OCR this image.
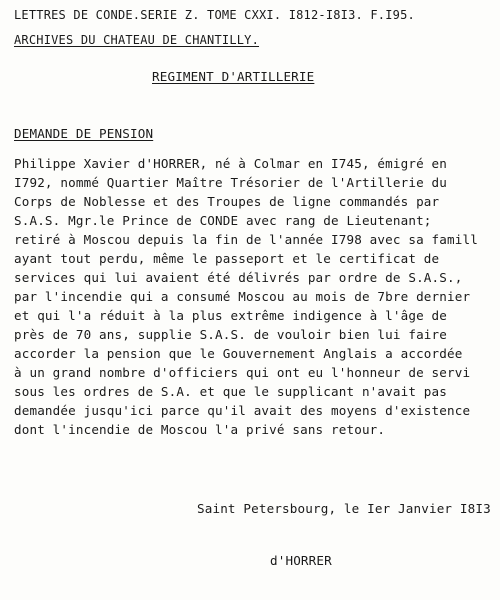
LETTRES DE CONDE.SERIE Z. TOME CXXI. I812-I8I3. F.I95.
ARCHIVES DU CHATEAU DE CHANTILLY.
REGIMENT D'ARTILLERIE
DEMANDE DE PENSION
Philippe Xavier d'HORRER, né à Colmar en I745, émigré en
I792, nommé Quartier Maître Trésorier de l'Artillerie du
Corps de Noblesse et des Troupes de ligne commandés par
S.A.S. Mgr.le Prince de CONDE avec rang de Lieutenant;
retiré à Moscou depuis la fin de l'année I798 avec sa famill
ayant tout perdu, même le passeport et le certificat de
services qui lui avaient été délivrés par ordre de S.A.S.,
par l'incendie qui a consumé Moscou au mois de 7bre dernier
et qui l'a réduit à la plus extrême indigence à l'âge de
près de 70 ans, supplie S.A.S. de vouloir bien lui faire
accorder la pension que le Gouvernement Anglais a accordée
à un grand nombre d'officiers qui ont eu l'honneur de servi
sous les ordres de S.A. et que le supplicant n'avait pas
demandée jusqu'ici parce qu'il avait des moyens d'existence
dont l'incendie de Moscou l'a privé sans retour.
Saint Petersbourg, le Ier Janvier I8I3
d'HORRER
